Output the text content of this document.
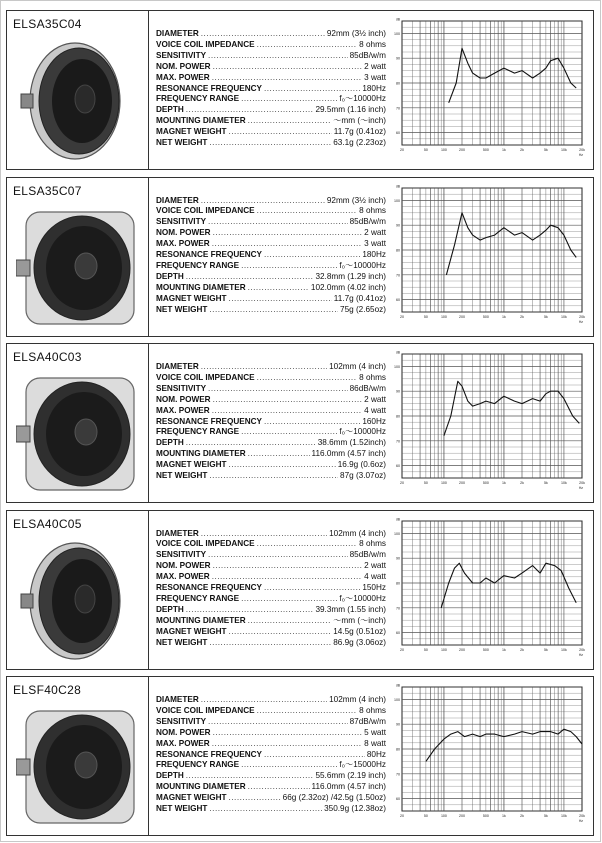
ELSA35C04
DIAMETER .....	92mm (3½ inch)
VOICE COIL IMPEDANCE .....	8 ohms
SENSITIVITY .....	85dB/w/m
NOM. POWER .....	2 watt
MAX. POWER .....	3 watt
RESONANCE FREQUENCY .....	180Hz
FREQUENCY RANGE .....	f₀～10000Hz
DEPTH .....	29.5mm (1.16 inch)
MOUNTING DIAMETER .....	～mm (～inch)
MAGNET WEIGHT .....	11.7g (0.41oz)
NET WEIGHT .....	63.1g (2.23oz)
100
90
80
70
60
dB
20	50	100	200	500	1k	2k	5k	10k	20k
Hz
ELSA35C07
DIAMETER .....	92mm (3½ inch)
VOICE COIL IMPEDANCE .....	8 ohms
SENSITIVITY .....	85dB/w/m
NOM. POWER .....	2 watt
MAX. POWER .....	3 watt
RESONANCE FREQUENCY .....	180Hz
FREQUENCY RANGE .....	f₀～10000Hz
DEPTH .....	32.8mm (1.29 inch)
MOUNTING DIAMETER .....	102.0mm (4.02 inch)
MAGNET WEIGHT .....	11.7g (0.41oz)
NET WEIGHT .....	75g (2.65oz)
100
90
80
70
60
dB
20	50	100	200	500	1k	2k	5k	10k	20k
Hz
ELSA40C03
DIAMETER .....	102mm (4 inch)
VOICE COIL IMPEDANCE .....	8 ohms
SENSITIVITY .....	86dB/w/m
NOM. POWER .....	2 watt
MAX. POWER .....	4 watt
RESONANCE FREQUENCY .....	160Hz
FREQUENCY RANGE .....	f₀～10000Hz
DEPTH .....	38.6mm (1.52inch)
MOUNTING DIAMETER .....	116.0mm (4.57 inch)
MAGNET WEIGHT .....	16.9g (0.6oz)
NET WEIGHT .....	87g (3.07oz)
100
90
80
70
60
dB
20	50	100	200	500	1k	2k	5k	10k	20k
Hz
ELSA40C05
DIAMETER .....	102mm (4 inch)
VOICE COIL IMPEDANCE .....	8 ohms
SENSITIVITY .....	85dB/w/m
NOM. POWER .....	2 watt
MAX. POWER .....	4 watt
RESONANCE FREQUENCY .....	150Hz
FREQUENCY RANGE .....	f₀～10000Hz
DEPTH .....	39.3mm (1.55 inch)
MOUNTING DIAMETER .....	～mm (～inch)
MAGNET WEIGHT .....	14.5g (0.51oz)
NET WEIGHT .....	86.9g (3.06oz)
100
90
80
70
60
dB
20	50	100	200	500	1k	2k	5k	10k	20k
Hz
ELSF40C28
DIAMETER .....	102mm (4 inch)
VOICE COIL IMPEDANCE .....	8 ohms
SENSITIVITY .....	87dB/w/m
NOM. POWER .....	5 watt
MAX. POWER .....	8 watt
RESONANCE FREQUENCY .....	80Hz
FREQUENCY RANGE .....	f₀～15000Hz
DEPTH .....	55.6mm (2.19 inch)
MOUNTING DIAMETER .....	116.0mm (4.57 inch)
MAGNET WEIGHT .....	66g (2.32oz) /42.5g (1.50oz)
NET WEIGHT .....	350.9g (12.38oz)
100
90
80
70
60
dB
20	50	100	200	500	1k	2k	5k	10k	20k
Hz
